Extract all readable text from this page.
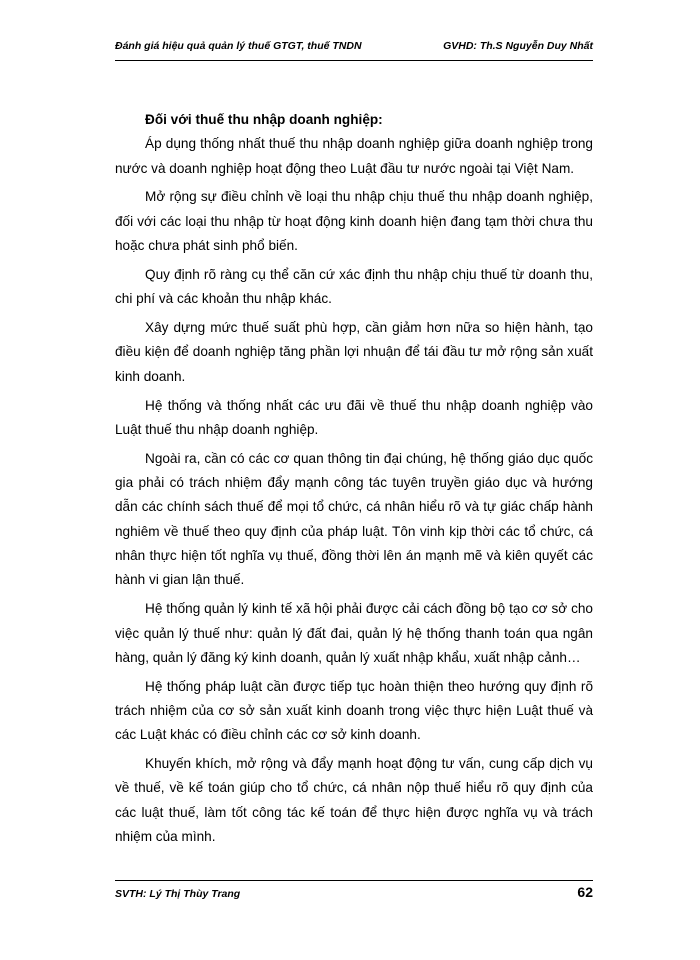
Đánh giá hiệu quả quản lý thuế GTGT, thuế TNDN	GVHD: Th.S Nguyễn Duy Nhất
Đối với thuế thu nhập doanh nghiệp:

Áp dụng thống nhất thuế thu nhập doanh nghiệp giữa doanh nghiệp trong nước và doanh nghiệp hoạt động theo Luật đầu tư nước ngoài tại Việt Nam.

Mở rộng sự điều chỉnh về loại thu nhập chịu thuế thu nhập doanh nghiệp, đối với các loại thu nhập từ hoạt động kinh doanh hiện đang tạm thời chưa thu hoặc chưa phát sinh phổ biến.

Quy định rõ ràng cụ thể căn cứ xác định thu nhập chịu thuế từ doanh thu, chi phí và các khoản thu nhập khác.

Xây dựng mức thuế suất phù hợp, cần giảm hơn nữa so hiện hành, tạo điều kiện để doanh nghiệp tăng phần lợi nhuận để tái đầu tư mở rộng sản xuất kinh doanh.

Hệ thống và thống nhất các ưu đãi về thuế thu nhập doanh nghiệp vào Luật thuế thu nhập doanh nghiệp.

Ngoài ra, cần có các cơ quan thông tin đại chúng, hệ thống giáo dục quốc gia phải có trách nhiệm đẩy mạnh công tác tuyên truyền giáo dục và hướng dẫn các chính sách thuế để mọi tổ chức, cá nhân hiểu rõ và tự giác chấp hành nghiêm về thuế theo quy định của pháp luật. Tôn vinh kịp thời các tổ chức, cá nhân thực hiện tốt nghĩa vụ thuế, đồng thời lên án mạnh mẽ và kiên quyết các hành vi gian lận thuế.

Hệ thống quản lý kinh tế xã hội phải được cải cách đồng bộ tạo cơ sở cho việc quản lý thuế như: quản lý đất đai, quản lý hệ thống thanh toán qua ngân hàng, quản lý đăng ký kinh doanh, quản lý xuất nhập khẩu, xuất nhập cảnh…

Hệ thống pháp luật cần được tiếp tục hoàn thiện theo hướng quy định rõ trách nhiệm của cơ sở sản xuất kinh doanh trong việc thực hiện Luật thuế và các Luật khác có điều chỉnh các cơ sở kinh doanh.

Khuyến khích, mở rộng và đẩy mạnh hoạt động tư vấn, cung cấp dịch vụ về thuế, về kế toán giúp cho tổ chức, cá nhân nộp thuế hiểu rõ quy định của các luật thuế, làm tốt công tác kế toán để thực hiện được nghĩa vụ và trách nhiệm của mình.

SVTH: Lý Thị Thùy Trang	62
